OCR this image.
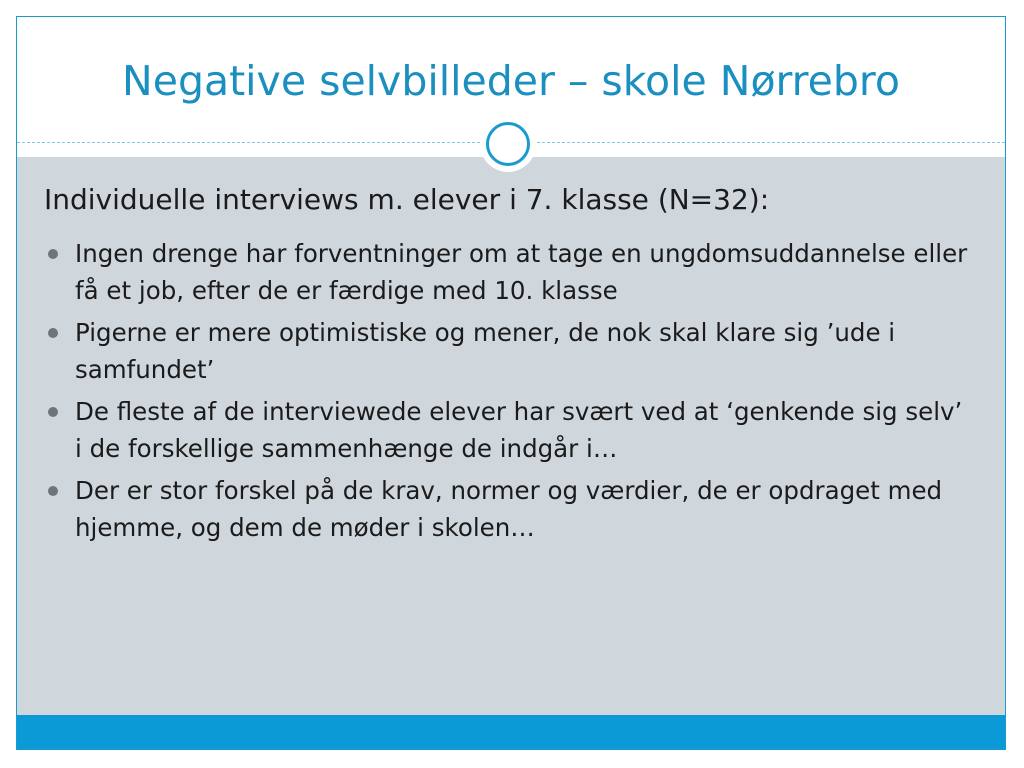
Negative selvbilleder – skole Nørrebro

Individuelle interviews m. elever i 7. klasse (N=32):

Ingen drenge har forventninger om at tage en ungdomsuddannelse eller få et job, efter de er færdige med 10. klasse
Pigerne er mere optimistiske og mener, de nok skal klare sig ’ude i samfundet’
De fleste af de interviewede elever har svært ved at ‘genkende sig selv’ i de forskellige sammenhænge de indgår i…
Der er stor forskel på de krav, normer og værdier, de er opdraget med hjemme, og dem de møder i skolen…
